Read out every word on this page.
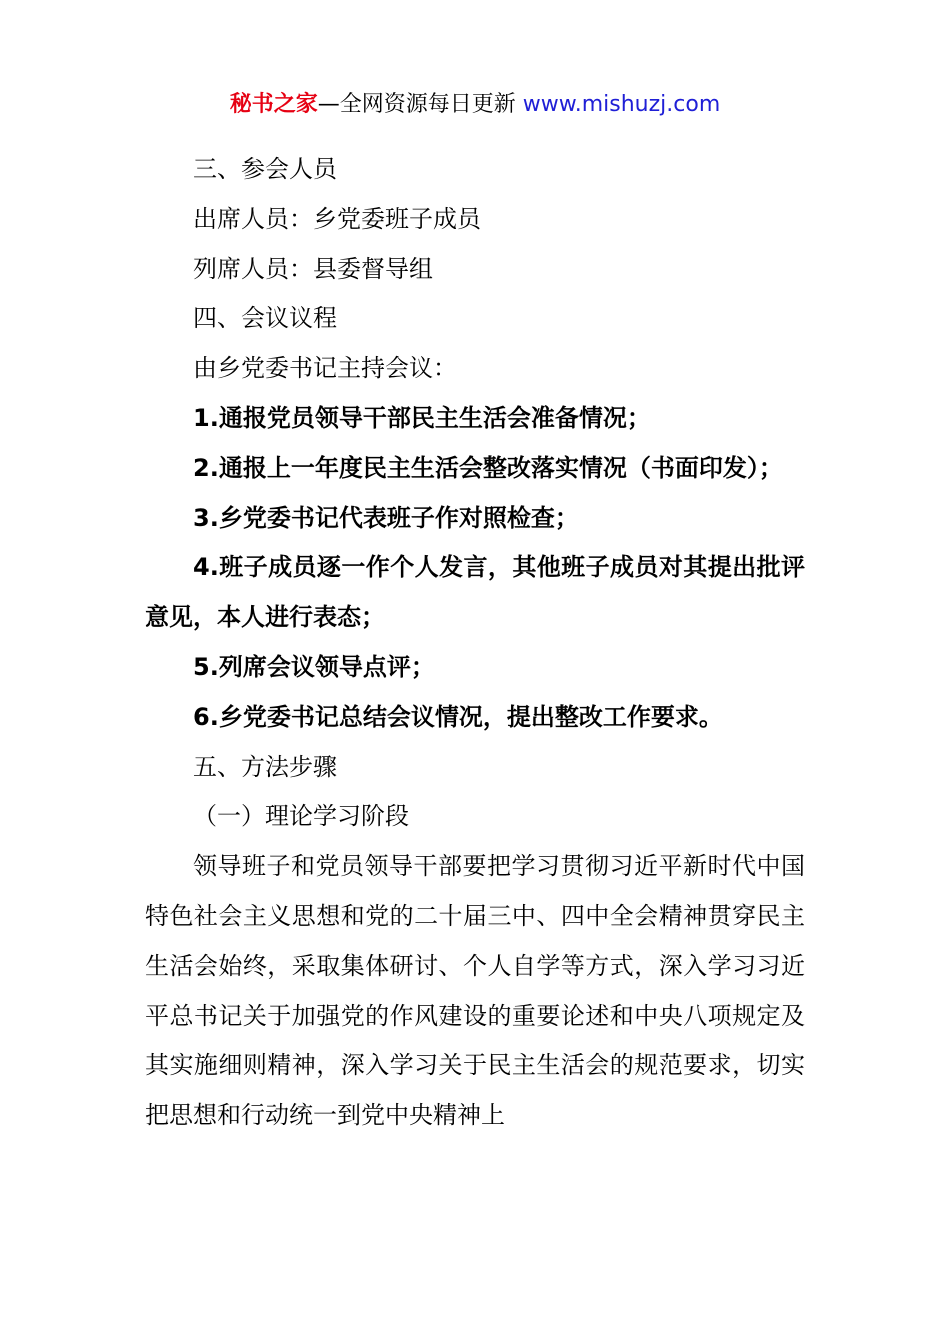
秘书之家—全网资源每日更新 www.mishuzj.com

三、参会人员

出席人员：乡党委班子成员

列席人员：县委督导组

四、会议议程

由乡党委书记主持会议：

1.通报党员领导干部民主生活会准备情况；

2.通报上一年度民主生活会整改落实情况（书面印发）；

3.乡党委书记代表班子作对照检查；

4.班子成员逐一作个人发言，其他班子成员对其提出批评意见，本人进行表态；

5.列席会议领导点评；

6.乡党委书记总结会议情况，提出整改工作要求。

五、方法步骤

（一）理论学习阶段

领导班子和党员领导干部要把学习贯彻习近平新时代中国特色社会主义思想和党的二十届三中、四中全会精神贯穿民主生活会始终，采取集体研讨、个人自学等方式，深入学习习近平总书记关于加强党的作风建设的重要论述和中央八项规定及其实施细则精神，深入学习关于民主生活会的规范要求，切实把思想和行动统一到党中央精神上
